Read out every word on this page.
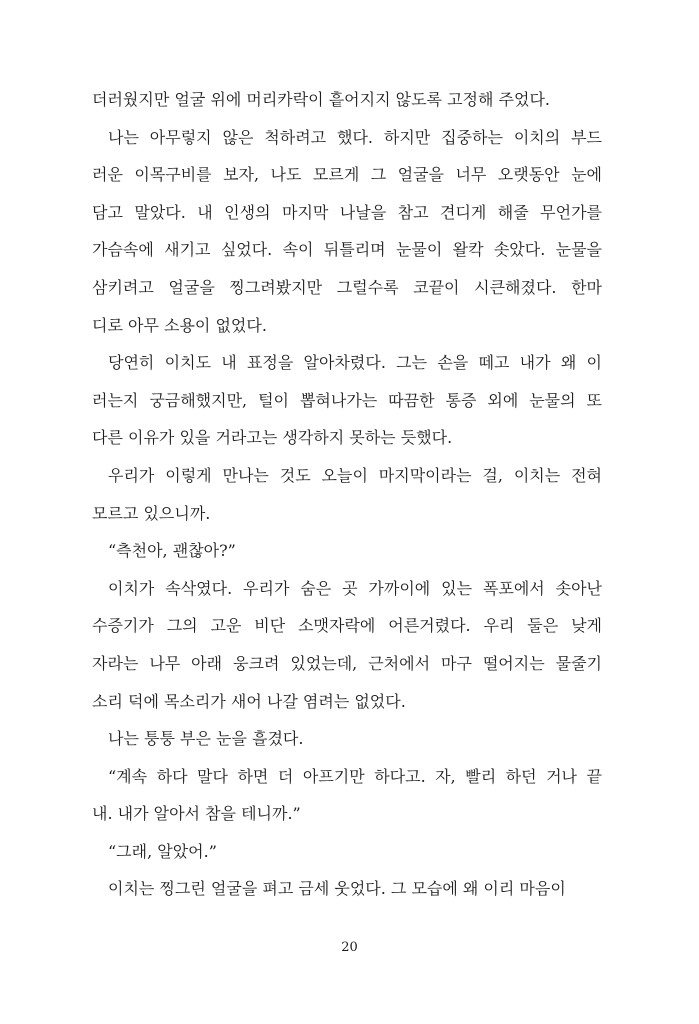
더러웠지만 얼굴 위에 머리카락이 흩어지지 않도록 고정해 주었다.
나는 아무렇지 않은 척하려고 했다. 하지만 집중하는 이치의 부드
러운 이목구비를 보자, 나도 모르게 그 얼굴을 너무 오랫동안 눈에
담고 말았다. 내 인생의 마지막 나날을 참고 견디게 해줄 무언가를
가슴속에 새기고 싶었다. 속이 뒤틀리며 눈물이 왈칵 솟았다. 눈물을
삼키려고 얼굴을 찡그려봤지만 그럴수록 코끝이 시큰해졌다. 한마
디로 아무 소용이 없었다.
당연히 이치도 내 표정을 알아차렸다. 그는 손을 떼고 내가 왜 이
러는지 궁금해했지만, 털이 뽑혀나가는 따끔한 통증 외에 눈물의 또
다른 이유가 있을 거라고는 생각하지 못하는 듯했다.
우리가 이렇게 만나는 것도 오늘이 마지막이라는 걸, 이치는 전혀
모르고 있으니까.
“측천아, 괜찮아?”
이치가 속삭였다. 우리가 숨은 곳 가까이에 있는 폭포에서 솟아난
수증기가 그의 고운 비단 소맷자락에 어른거렸다. 우리 둘은 낮게
자라는 나무 아래 웅크려 있었는데, 근처에서 마구 떨어지는 물줄기
소리 덕에 목소리가 새어 나갈 염려는 없었다.
나는 퉁퉁 부은 눈을 흘겼다.
“계속 하다 말다 하면 더 아프기만 하다고. 자, 빨리 하던 거나 끝
내. 내가 알아서 참을 테니까.”
“그래, 알았어.”
이치는 찡그린 얼굴을 펴고 금세 웃었다. 그 모습에 왜 이리 마음이
20
